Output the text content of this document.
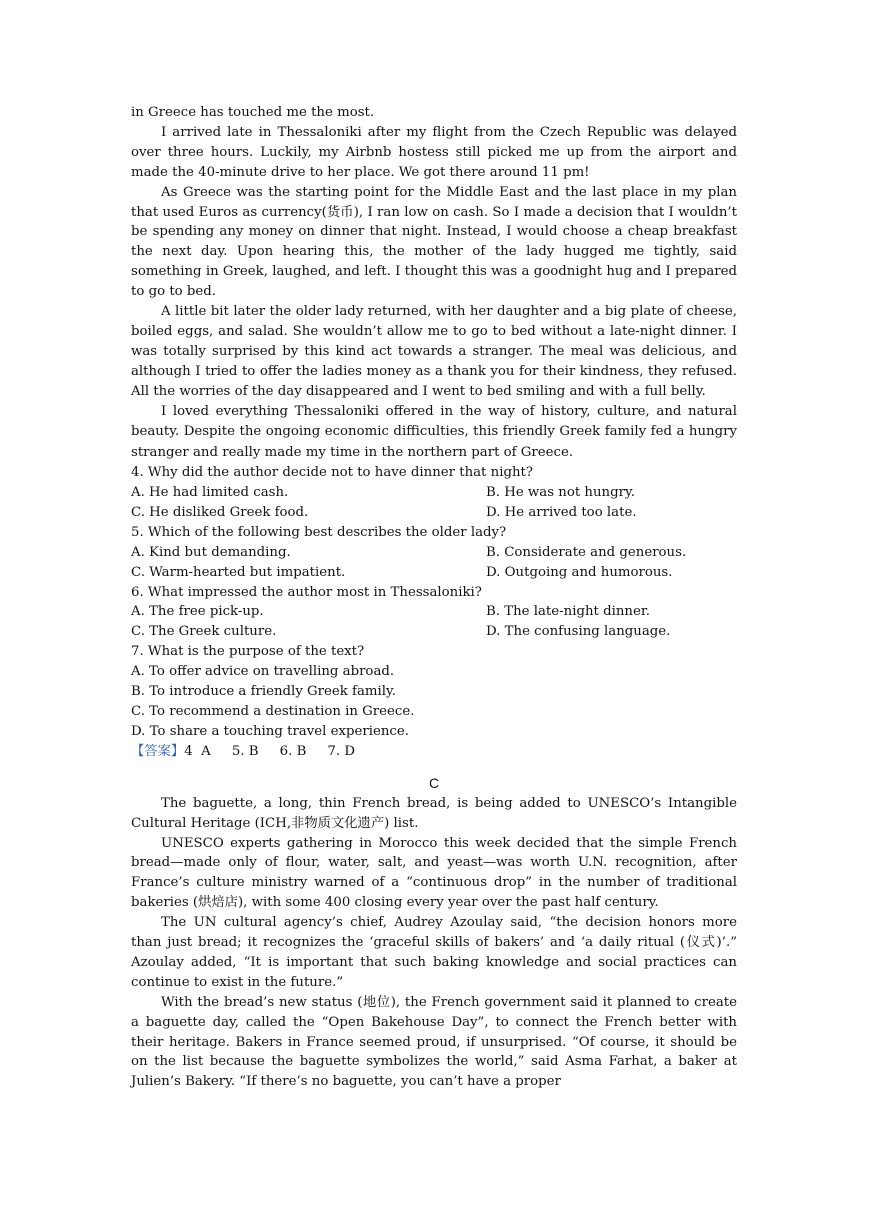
in Greece has touched me the most.

I arrived late in Thessaloniki after my flight from the Czech Republic was delayed over three hours. Luckily, my Airbnb hostess still picked me up from the airport and made the 40-minute drive to her place. We got there around 11 pm!

As Greece was the starting point for the Middle East and the last place in my plan that used Euros as currency(货币), I ran low on cash. So I made a decision that I wouldn’t be spending any money on dinner that night. Instead, I would choose a cheap breakfast the next day. Upon hearing this, the mother of the lady hugged me tightly, said something in Greek, laughed, and left. I thought this was a goodnight hug and I prepared to go to bed.

A little bit later the older lady returned, with her daughter and a big plate of cheese, boiled eggs, and salad. She wouldn’t allow me to go to bed without a late-night dinner. I was totally surprised by this kind act towards a stranger. The meal was delicious, and although I tried to offer the ladies money as a thank you for their kindness, they refused. All the worries of the day disappeared and I went to bed smiling and with a full belly.

I loved everything Thessaloniki offered in the way of history, culture, and natural beauty. Despite the ongoing economic difficulties, this friendly Greek family fed a hungry stranger and really made my time in the northern part of Greece.

4. Why did the author decide not to have dinner that night?

A. He had limited cash.	B. He was not hungry.
C. He disliked Greek food.	D. He arrived too late.

5. Which of the following best describes the older lady?

A. Kind but demanding.	B. Considerate and generous.
C. Warm-hearted but impatient.	D. Outgoing and humorous.

6. What impressed the author most in Thessaloniki?

A. The free pick-up.	B. The late-night dinner.
C. The Greek culture.	D. The confusing language.

7. What is the purpose of the text?

A. To offer advice on travelling abroad.
B. To introduce a friendly Greek family.
C. To recommend a destination in Greece.
D. To share a touching travel experience.
【答案】4  A     5. B     6. B     7. D
C

The baguette, a long, thin French bread, is being added to UNESCO’s Intangible Cultural Heritage (ICH,非物质文化遗产) list.

UNESCO experts gathering in Morocco this week decided that the simple French bread—made only of flour, water, salt, and yeast—was worth U.N. recognition, after France’s culture ministry warned of a “continuous drop” in the number of traditional bakeries (烘焙店), with some 400 closing every year over the past half century.

The UN cultural agency’s chief, Audrey Azoulay said, “the decision honors more than just bread; it recognizes the ‘graceful skills of bakers’ and ‘a daily ritual (仪式)’.” Azoulay added, “It is important that such baking knowledge and social practices can continue to exist in the future.”

With the bread’s new status (地位), the French government said it planned to create a baguette day, called the “Open Bakehouse Day”, to connect the French better with their heritage. Bakers in France seemed proud, if unsurprised. “Of course, it should be on the list because the baguette symbolizes the world,” said Asma Farhat, a baker at Julien’s Bakery. “If there’s no baguette, you can’t have a proper
